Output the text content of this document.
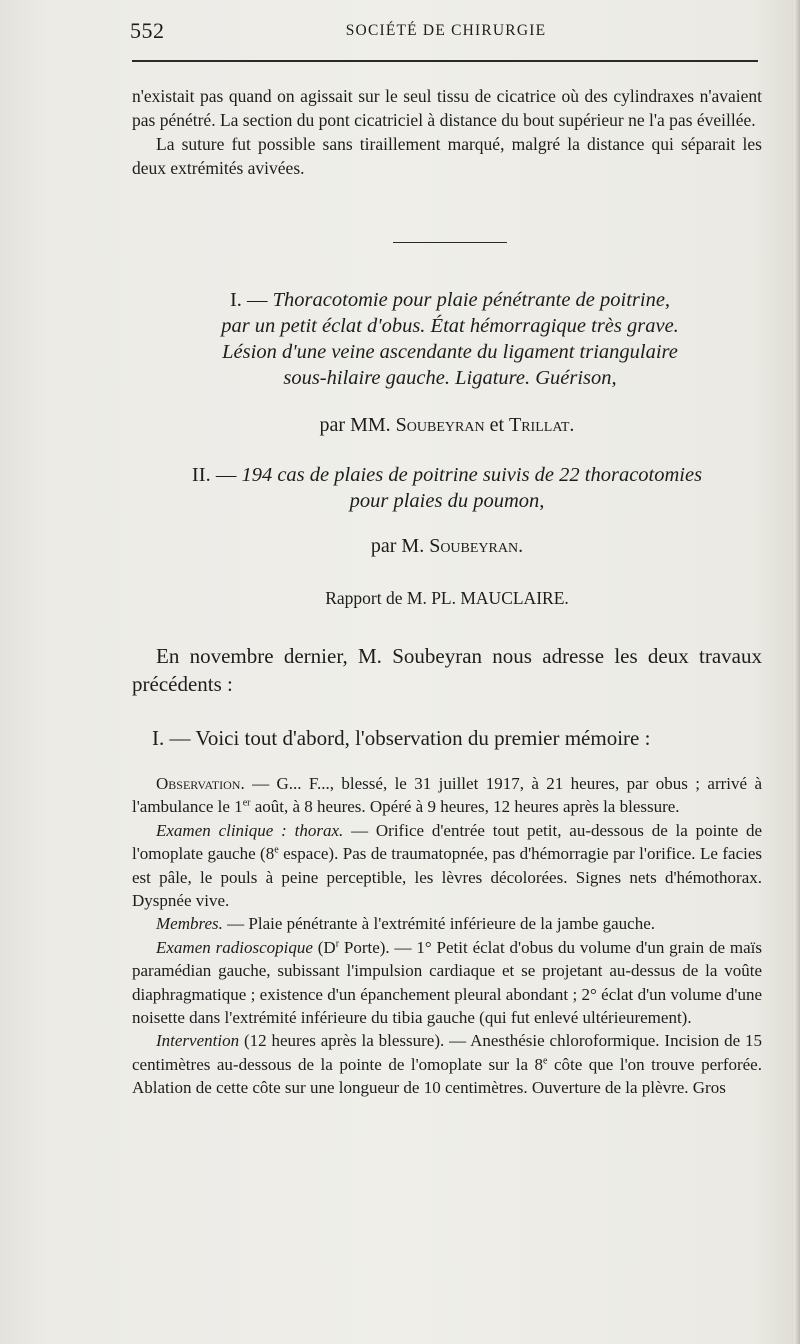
552	SOCIÉTÉ DE CHIRURGIE

n'existait pas quand on agissait sur le seul tissu de cicatrice où des cylindraxes n'avaient pas pénétré. La section du pont cicatriciel à distance du bout supérieur ne l'a pas éveillée.

La suture fut possible sans tiraillement marqué, malgré la distance qui séparait les deux extrémités avivées.

I. — Thoracotomie pour plaie pénétrante de poitrine,
par un petit éclat d'obus. État hémorragique très grave.
Lésion d'une veine ascendante du ligament triangulaire
sous-hilaire gauche. Ligature. Guérison,
par MM. Soubeyran et Trillat.
II. — 194 cas de plaies de poitrine suivis de 22 thoracotomies
pour plaies du poumon,
par M. Soubeyran.
Rapport de M. PL. MAUCLAIRE.

En novembre dernier, M. Soubeyran nous adresse les deux travaux précédents :

I. — Voici tout d'abord, l'observation du premier mémoire :

Observation. — G... F..., blessé, le 31 juillet 1917, à 21 heures, par obus ; arrivé à l'ambulance le 1er août, à 8 heures. Opéré à 9 heures, 12 heures après la blessure.

Examen clinique : thorax. — Orifice d'entrée tout petit, au-dessous de la pointe de l'omoplate gauche (8e espace). Pas de traumatopnée, pas d'hémorragie par l'orifice. Le facies est pâle, le pouls à peine perceptible, les lèvres décolorées. Signes nets d'hémothorax. Dyspnée vive.

Membres. — Plaie pénétrante à l'extrémité inférieure de la jambe gauche.

Examen radioscopique ($D^r$ Porte). — 1° Petit éclat d'obus du volume d'un grain de maïs paramédian gauche, subissant l'impulsion cardiaque et se projetant au-dessus de la voûte diaphragmatique ; existence d'un épanchement pleural abondant ; 2° éclat d'un volume d'une noisette dans l'extrémité inférieure du tibia gauche (qui fut enlevé ultérieurement).

Intervention (12 heures après la blessure). — Anesthésie chloroformique. Incision de 15 centimètres au-dessous de la pointe de l'omoplate sur la 8e côte que l'on trouve perforée. Ablation de cette côte sur une longueur de 10 centimètres. Ouverture de la plèvre. Gros
